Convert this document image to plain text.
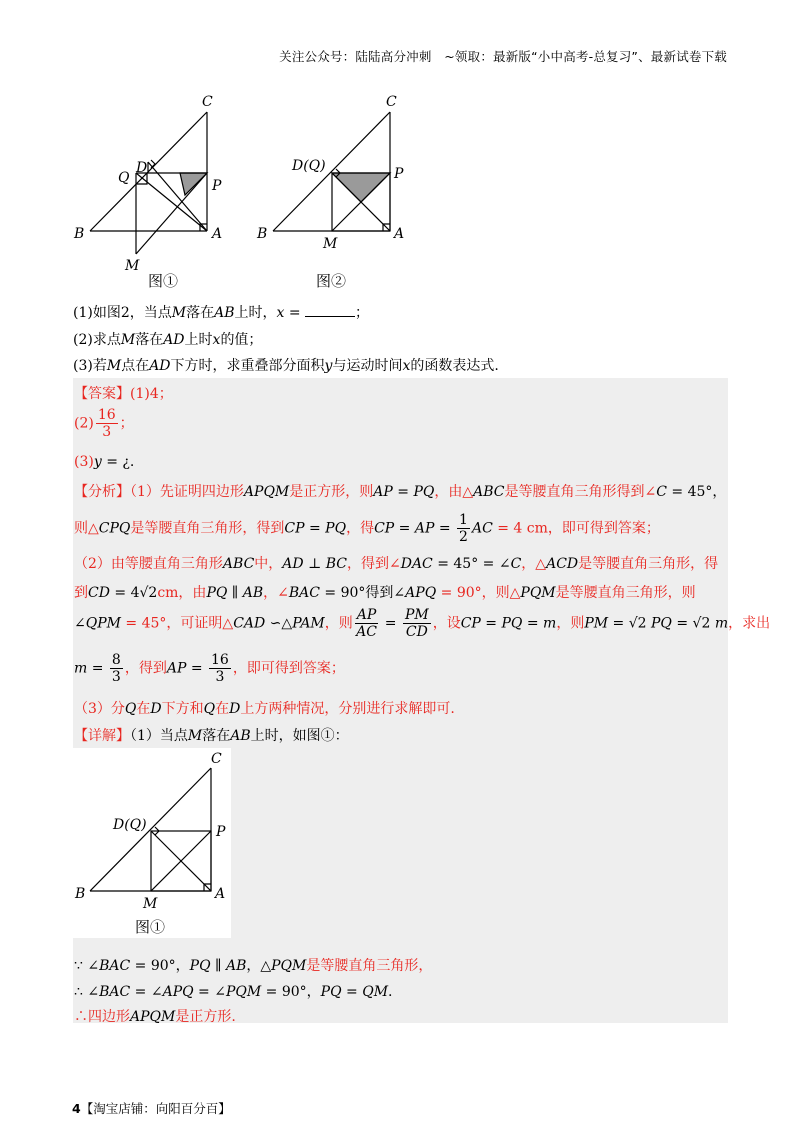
关注公众号：陆陆高分冲刺　~领取：最新版“小中高考-总复习”、最新试卷下载
B	A
C
D
Q	P
M
图①
B	A
C
D(Q)	P
M
图②
(1)如图2，当点M落在AB上时，x =	；
(2)求点M落在AD上时x的值；
(3)若M点在AD下方时，求重叠部分面积y与运动时间x的函数表达式.
【答案】(1)4；
$(2) \frac{16}{3}$ ；
(3)y = ¿.
【分析】（1）先证明四边形APQM是正方形，则AP = PQ，由△ABC是等腰直角三角形得到∠C = 45°，
则△CPQ是等腰直角三角形，得到CP = PQ，得CP = AP = $\frac{1}{2}$ AC = 4 cm，即可得到答案；
（2）由等腰直角三角形ABC中，AD ⊥ BC，得到∠DAC = 45° = ∠C，△ACD是等腰直角三角形，得
到CD = 4√2cm，由PQ ∥ AB，∠BAC = 90°得到∠APQ = 90°，则△PQM是等腰直角三角形，则
∠QPM = 45°，可证明△CAD ∽△PAM，则 $\frac{AP}{AC} = \frac{PM}{CD}$ ，设CP = PQ = m，则PM = √2 PQ = √2 m，求出
$m = \frac{8}{3}$ ，得到AP = $\frac{16}{3}$ ，即可得到答案；
（3）分Q在D下方和Q在D上方两种情况，分别进行求解即可.
【详解】（1）当点M落在AB上时，如图①：
B	A
C
D(Q)	P
M
图①
∵ ∠BAC = 90°，PQ ∥ AB，△PQM是等腰直角三角形，
∴ ∠BAC = ∠APQ = ∠PQM = 90°，PQ = QM.
∴四边形APQM是正方形.
4【淘宝店铺：向阳百分百】
